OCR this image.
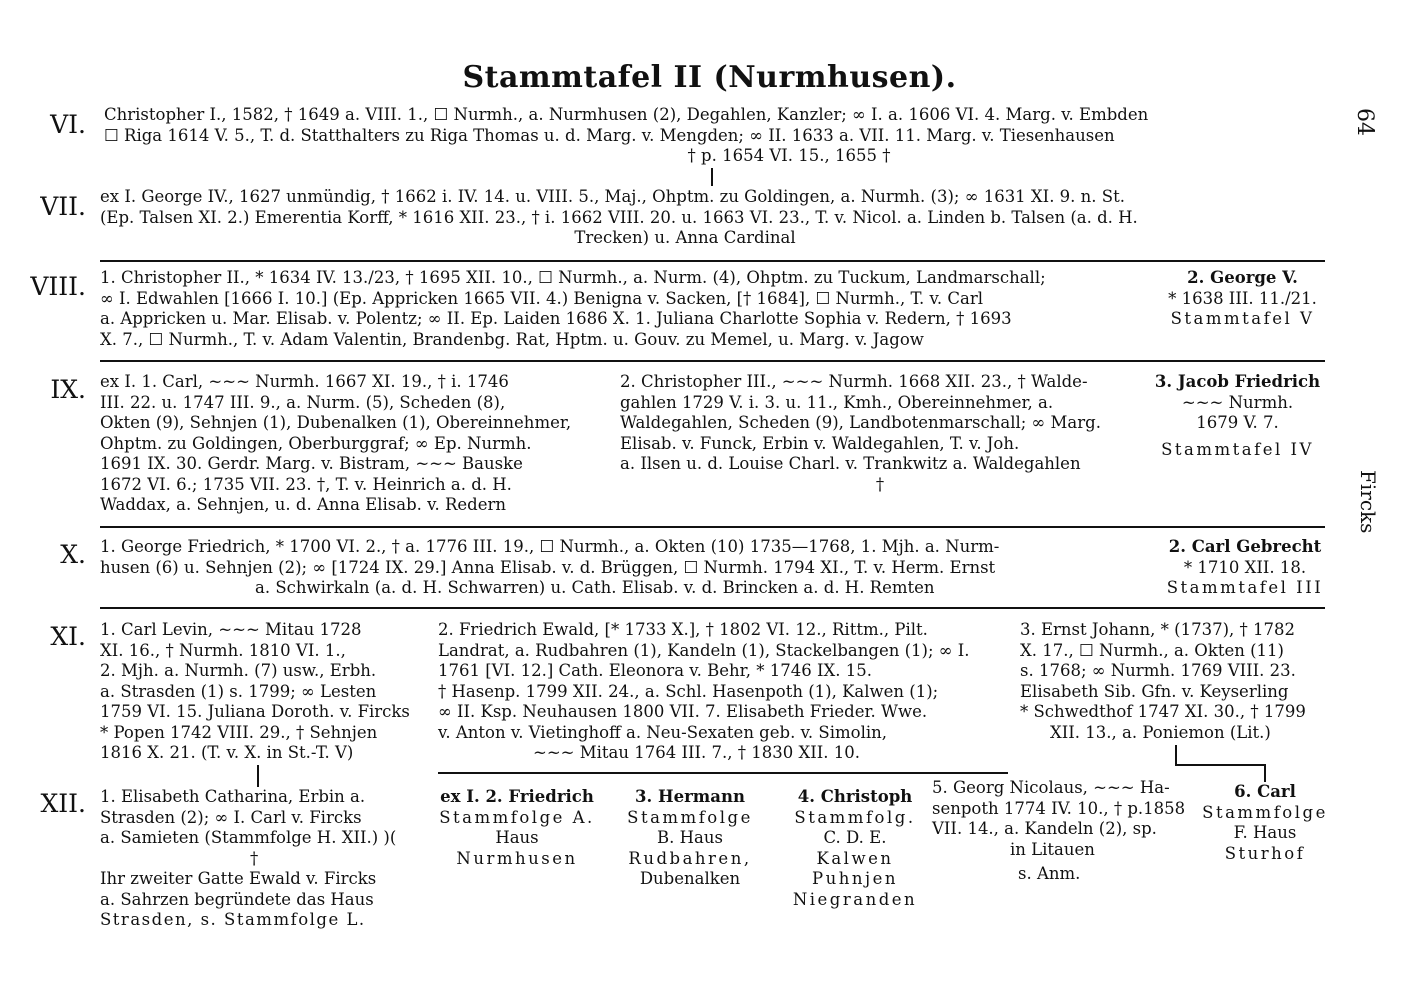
Stammtafel II (Nurmhusen).
64
Fircks
VI. Christopher I., 1582, † 1649 a. VIII. 1., ☐ Nurmh., a. Nurmhusen (2), Degahlen, Kanzler; ∞ I. a. 1606 VI. 4. Marg. v. Embden

☐ Riga 1614 V. 5., T. d. Statthalters zu Riga Thomas u. d. Marg. v. Mengden; ∞ II. 1633 a. VII. 11. Marg. v. Tiesenhausen

† p. 1654 VI. 15., 1655 †

VII. ex I. George IV., 1627 unmündig, † 1662 i. IV. 14. u. VIII. 5., Maj., Ohptm. zu Goldingen, a. Nurmh. (3); ∞ 1631 XI. 9. n. St.

(Ep. Talsen XI. 2.) Emerentia Korff, * 1616 XII. 23., † i. 1662 VIII. 20. u. 1663 VI. 23., T. v. Nicol. a. Linden b. Talsen (a. d. H.

Trecken) u. Anna Cardinal

VIII. 1. Christopher II., * 1634 IV. 13./23, † 1695 XII. 10., ☐ Nurmh., a. Nurm. (4), Ohptm. zu Tuckum, Landmarschall;

∞ I. Edwahlen [1666 I. 10.] (Ep. Appricken 1665 VII. 4.) Benigna v. Sacken, [† 1684], ☐ Nurmh., T. v. Carl

a. Appricken u. Mar. Elisab. v. Polentz; ∞ II. Ep. Laiden 1686 X. 1. Juliana Charlotte Sophia v. Redern, † 1693

X. 7., ☐ Nurmh., T. v. Adam Valentin, Brandenbg. Rat, Hptm. u. Gouv. zu Memel, u. Marg. v. Jagow

2. George V.

* 1638 III. 11./21.

Stammtafel V

IX. ex I. 1. Carl, ~~~ Nurmh. 1667 XI. 19., † i. 1746

III. 22. u. 1747 III. 9., a. Nurm. (5), Scheden (8),

Okten (9), Sehnjen (1), Dubenalken (1), Obereinnehmer,

Ohptm. zu Goldingen, Oberburggraf; ∞ Ep. Nurmh.

1691 IX. 30. Gerdr. Marg. v. Bistram, ~~~ Bauske

1672 VI. 6.; 1735 VII. 23. †, T. v. Heinrich a. d. H.

Waddax, a. Sehnjen, u. d. Anna Elisab. v. Redern

2. Christopher III., ~~~ Nurmh. 1668 XII. 23., † Walde-

gahlen 1729 V. i. 3. u. 11., Kmh., Obereinnehmer, a.

Waldegahlen, Scheden (9), Landbotenmarschall; ∞ Marg.

Elisab. v. Funck, Erbin v. Waldegahlen, T. v. Joh.

a. Ilsen u. d. Louise Charl. v. Trankwitz a. Waldegahlen

†

3. Jacob Friedrich

~~~ Nurmh.

1679 V. 7.

Stammtafel IV

X. 1. George Friedrich, * 1700 VI. 2., † a. 1776 III. 19., ☐ Nurmh., a. Okten (10) 1735—1768, 1. Mjh. a. Nurm-

husen (6) u. Sehnjen (2); ∞ [1724 IX. 29.] Anna Elisab. v. d. Brüggen, ☐ Nurmh. 1794 XI., T. v. Herm. Ernst

a. Schwirkaln (a. d. H. Schwarren) u. Cath. Elisab. v. d. Brincken a. d. H. Remten

2. Carl Gebrecht

* 1710 XII. 18.

Stammtafel III

XI. 1. Carl Levin, ~~~ Mitau 1728

XI. 16., † Nurmh. 1810 VI. 1.,

2. Mjh. a. Nurmh. (7) usw., Erbh.

a. Strasden (1) s. 1799; ∞ Lesten

1759 VI. 15. Juliana Doroth. v. Fircks

* Popen 1742 VIII. 29., † Sehnjen

1816 X. 21. (T. v. X. in St.-T. V)

2. Friedrich Ewald, [* 1733 X.], † 1802 VI. 12., Rittm., Pilt.

Landrat, a. Rudbahren (1), Kandeln (1), Stackelbangen (1); ∞ I.

1761 [VI. 12.] Cath. Eleonora v. Behr, * 1746 IX. 15.

† Hasenp. 1799 XII. 24., a. Schl. Hasenpoth (1), Kalwen (1);

∞ II. Ksp. Neuhausen 1800 VII. 7. Elisabeth Frieder. Wwe.

v. Anton v. Vietinghoff a. Neu-Sexaten geb. v. Simolin,

~~~ Mitau 1764 III. 7., † 1830 XII. 10.

3. Ernst Johann, * (1737), † 1782

X. 17., ☐ Nurmh., a. Okten (11)

s. 1768; ∞ Nurmh. 1769 VIII. 23.

Elisabeth Sib. Gfn. v. Keyserling

* Schwedthof 1747 XI. 30., † 1799

XII. 13., a. Poniemon (Lit.)

XII. 1. Elisabeth Catharina, Erbin a.

Strasden (2); ∞ I. Carl v. Fircks

a. Samieten (Stammfolge H. XII.) )(

†

Ihr zweiter Gatte Ewald v. Fircks

a. Sahrzen begründete das Haus

Strasden, s. Stammfolge L.

ex I. 2. Friedrich

Stammfolge A.

Haus

Nurmhusen

3. Hermann

Stammfolge

B. Haus

Rudbahren,

Dubenalken

4. Christoph

Stammfolg.

C. D. E.

Kalwen

Puhnjen

Niegranden

5. Georg Nicolaus, ~~~ Ha-

senpoth 1774 IV. 10., † p.1858

VII. 14., a. Kandeln (2), sp.

in Litauen

s. Anm.

6. Carl

Stammfolge

F. Haus

Sturhof
